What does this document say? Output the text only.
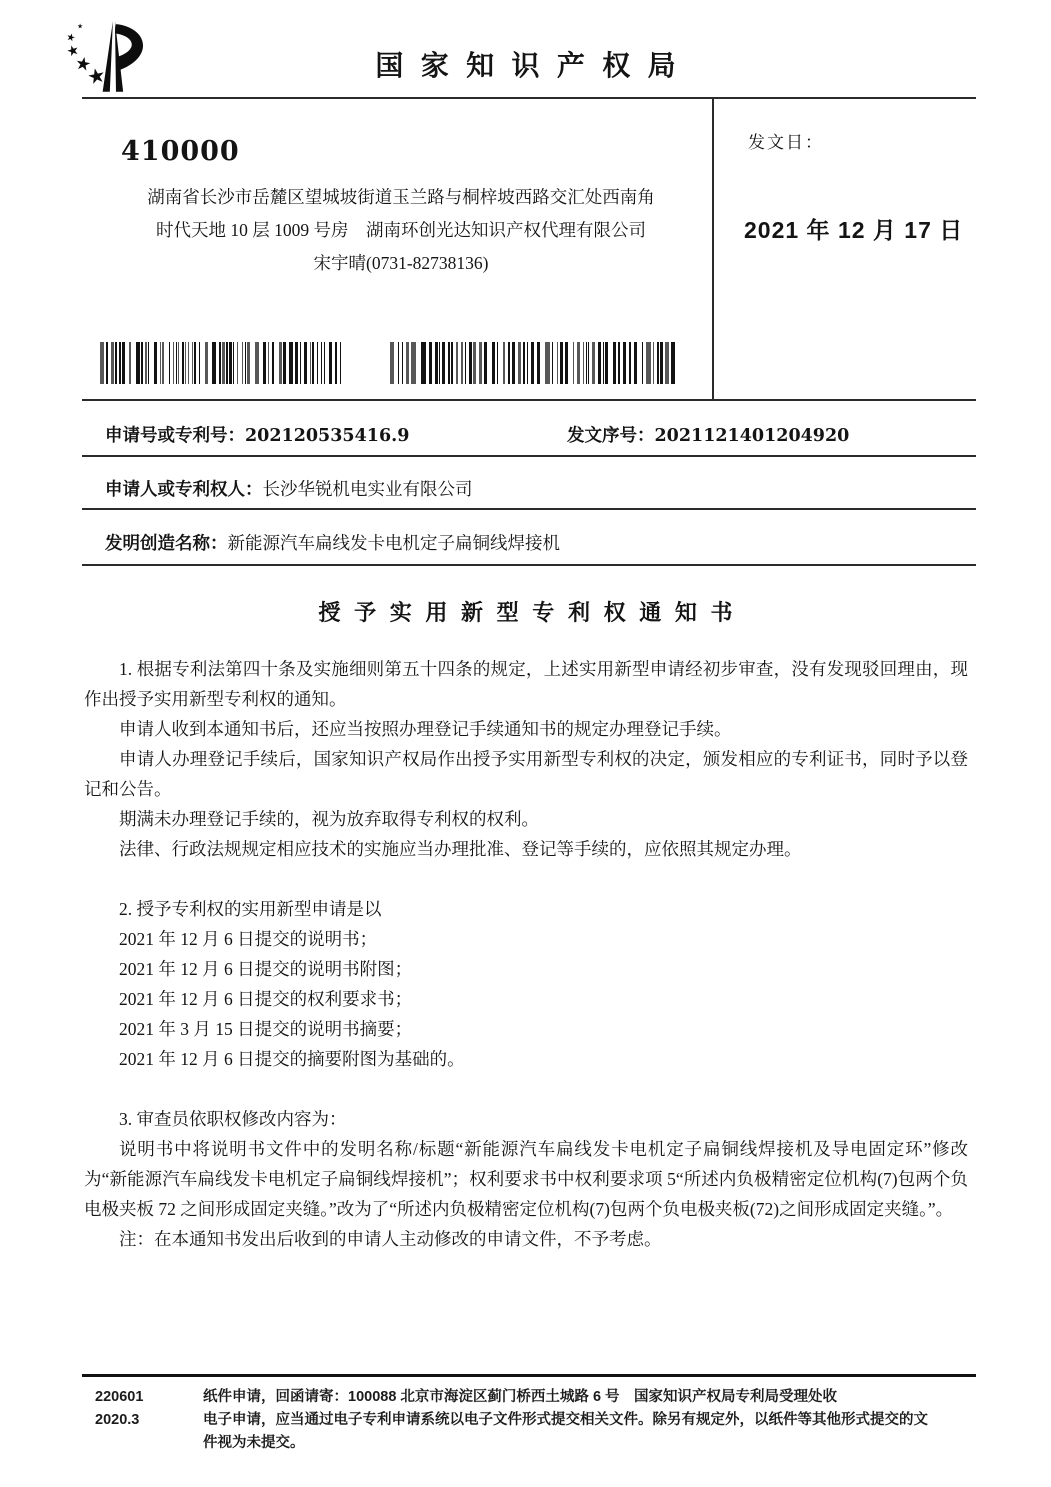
国家知识产权局
410000
湖南省长沙市岳麓区望城坡街道玉兰路与桐梓坡西路交汇处西南角
时代天地 10 层 1009 号房　湖南环创光达知识产权代理有限公司
宋宇晴(0731-82738136)
发文日：
2021 年 12 月 17 日
申请号或专利号：202120535416.9	发文序号：2021121401204920
申请人或专利权人：长沙华锐机电实业有限公司
发明创造名称：新能源汽车扁线发卡电机定子扁铜线焊接机
授予实用新型专利权通知书

1. 根据专利法第四十条及实施细则第五十四条的规定，上述实用新型申请经初步审查，没有发现驳回理由，现作出授予实用新型专利权的通知。

申请人收到本通知书后，还应当按照办理登记手续通知书的规定办理登记手续。

申请人办理登记手续后，国家知识产权局作出授予实用新型专利权的决定，颁发相应的专利证书，同时予以登记和公告。

期满未办理登记手续的，视为放弃取得专利权的权利。

法律、行政法规规定相应技术的实施应当办理批准、登记等手续的，应依照其规定办理。

2. 授予专利权的实用新型申请是以

2021 年 12 月 6 日提交的说明书；

2021 年 12 月 6 日提交的说明书附图；

2021 年 12 月 6 日提交的权利要求书；

2021 年 3 月 15 日提交的说明书摘要；

2021 年 12 月 6 日提交的摘要附图为基础的。

3. 审查员依职权修改内容为：

说明书中将说明书文件中的发明名称/标题“新能源汽车扁线发卡电机定子扁铜线焊接机及导电固定环”修改为“新能源汽车扁线发卡电机定子扁铜线焊接机”；权利要求书中权利要求项 5“所述内负极精密定位机构(7)包两个负电极夹板 72 之间形成固定夹缝。”改为了“所述内负极精密定位机构(7)包两个负电极夹板(72)之间形成固定夹缝。”。

注：在本通知书发出后收到的申请人主动修改的申请文件，不予考虑。

220601
2020.3

纸件申请，回函请寄：100088 北京市海淀区蓟门桥西土城路 6 号　国家知识产权局专利局受理处收

电子申请，应当通过电子专利申请系统以电子文件形式提交相关文件。除另有规定外，以纸件等其他形式提交的文件视为未提交。
